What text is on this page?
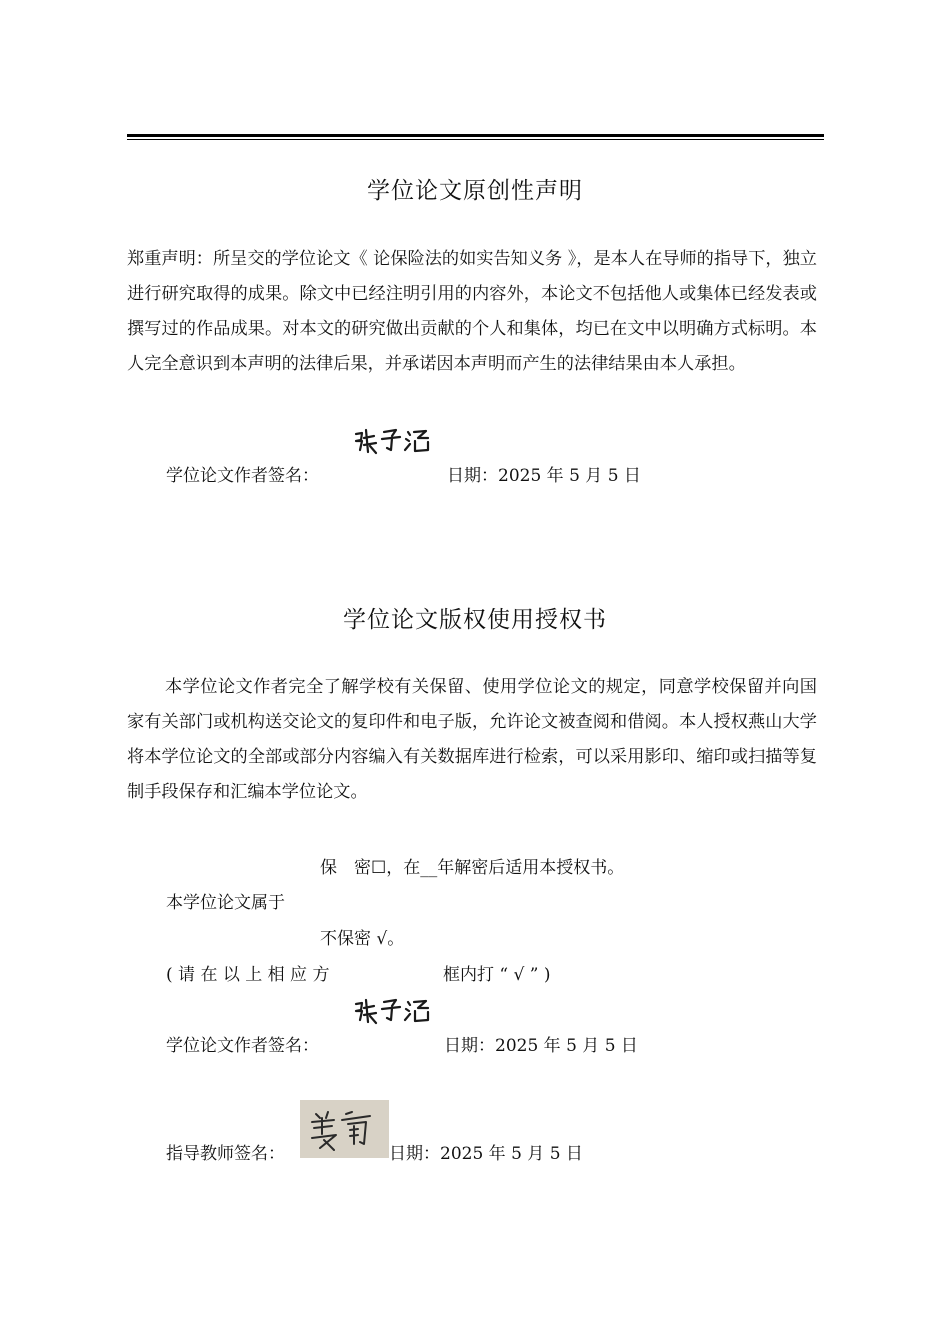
学位论文原创性声明
郑重声明：所呈交的学位论文《 论保险法的如实告知义务 》，是本人在导师的指导下，独立进行研究取得的成果。除文中已经注明引用的内容外，本论文不包括他人或集体已经发表或撰写过的作品成果。对本文的研究做出贡献的个人和集体，均已在文中以明确方式标明。本人完全意识到本声明的法律后果，并承诺因本声明而产生的法律结果由本人承担。
学位论文作者签名：	日期：2025 年 5 月 5 日
学位论文版权使用授权书
本学位论文作者完全了解学校有关保留、使用学位论文的规定，同意学校保留并向国家有关部门或机构送交论文的复印件和电子版，允许论文被查阅和借阅。本人授权燕山大学将本学位论文的全部或部分内容编入有关数据库进行检索，可以采用影印、缩印或扫描等复制手段保存和汇编本学位论文。
保　密☐，在__年解密后适用本授权书。
本学位论文属于
不保密 √。
( 请 在 以 上 相 应 方	框内打 “ √ ” )
学位论文作者签名：	日期：2025 年 5 月 5 日
指导教师签名：	日期：2025 年 5 月 5 日
